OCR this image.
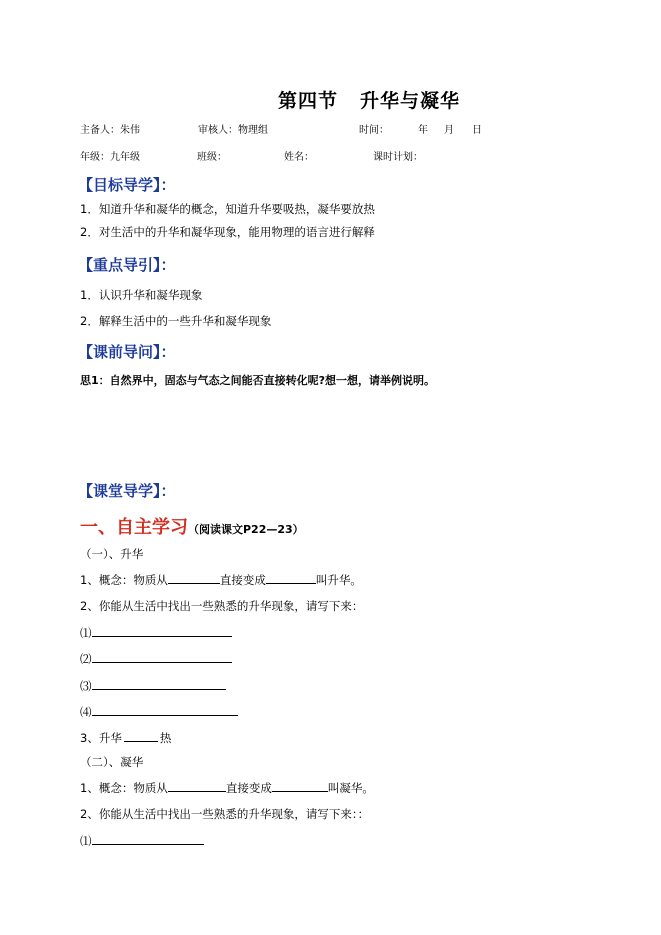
第四节 升华与凝华
主备人：朱伟	审核人：物理组	时间：	年 月 日
年级：九年级	班级：	姓名：	课时计划：
【目标导学】：
1．知道升华和凝华的概念，知道升华要吸热，凝华要放热
2．对生活中的升华和凝华现象，能用物理的语言进行解释
【重点导引】：
1．认识升华和凝华现象
2．解释生活中的一些升华和凝华现象
【课前导问】：
思1：自然界中，固态与气态之间能否直接转化呢?想一想，请举例说明。
【课堂导学】：
一、自主学习（阅读课文P22—23）
（一）、升华
1、概念：物质从	直接变成	叫升华。
2、你能从生活中找出一些熟悉的升华现象，请写下来：
⑴
⑵
⑶
⑷
3、升华	热
（二）、凝华
1、概念：物质从	直接变成	叫凝华。
2、你能从生活中找出一些熟悉的升华现象，请写下来：：
⑴
